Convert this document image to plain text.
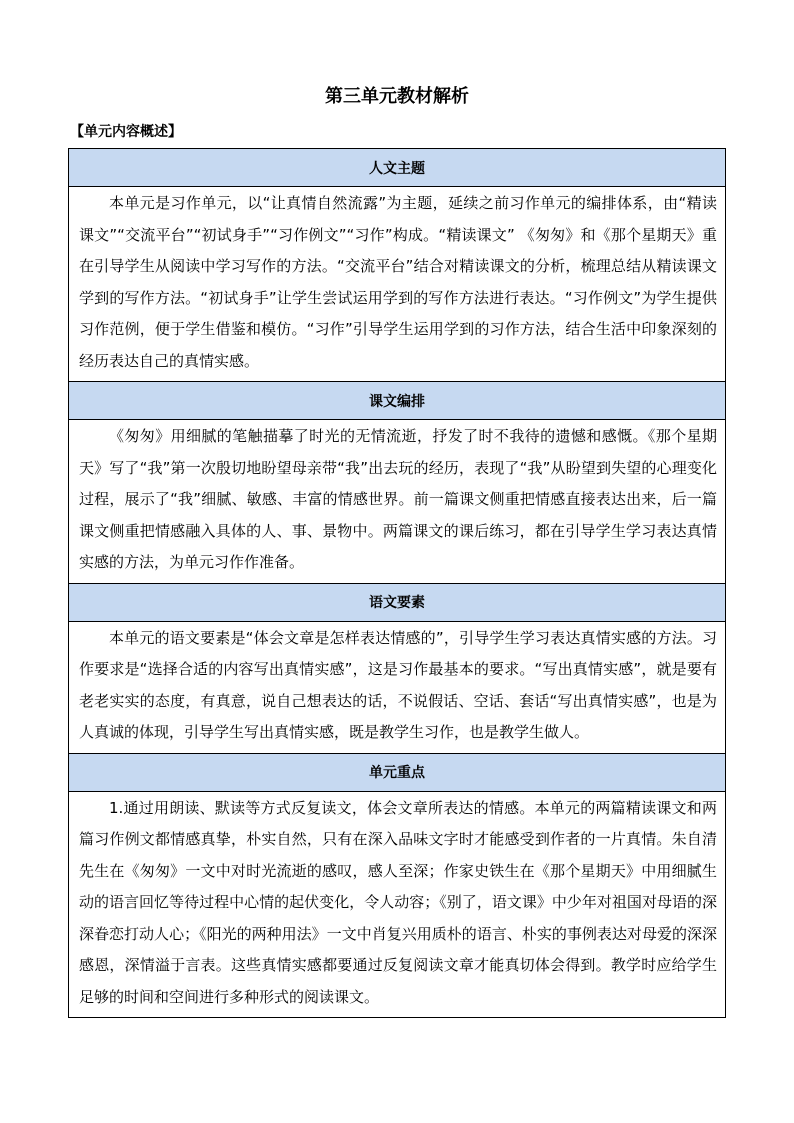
第三单元教材解析
【单元内容概述】
人文主题

本单元是习作单元，以“让真情自然流露”为主题，延续之前习作单元的编排体系，由“精读课文”“交流平台”“初试身手”“习作例文”“习作”构成。“精读课文” 《匆匆》和《那个星期天》重在引导学生从阅读中学习写作的方法。“交流平台”结合对精读课文的分析，梳理总结从精读课文学到的写作方法。“初试身手”让学生尝试运用学到的写作方法进行表达。“习作例文”为学生提供习作范例，便于学生借鉴和模仿。“习作”引导学生运用学到的习作方法，结合生活中印象深刻的经历表达自己的真情实感。

课文编排

《匆匆》用细腻的笔触描摹了时光的无情流逝，抒发了时不我待的遗憾和感慨。《那个星期天》写了“我”第一次殷切地盼望母亲带“我”出去玩的经历，表现了“我”从盼望到失望的心理变化过程，展示了“我”细腻、敏感、丰富的情感世界。前一篇课文侧重把情感直接表达出来，后一篇课文侧重把情感融入具体的人、事、景物中。两篇课文的课后练习，都在引导学生学习表达真情实感的方法，为单元习作作准备。

语文要素

本单元的语文要素是“体会文章是怎样表达情感的”，引导学生学习表达真情实感的方法。习作要求是“选择合适的内容写出真情实感”，这是习作最基本的要求。“写出真情实感”，就是要有老老实实的态度，有真意，说自己想表达的话，不说假话、空话、套话“写出真情实感”，也是为人真诚的体现，引导学生写出真情实感，既是教学生习作，也是教学生做人。

单元重点

1.通过用朗读、默读等方式反复读文，体会文章所表达的情感。本单元的两篇精读课文和两篇习作例文都情感真挚，朴实自然，只有在深入品味文字时才能感受到作者的一片真情。朱自清先生在《匆匆》一文中对时光流逝的感叹，感人至深；作家史铁生在《那个星期天》中用细腻生动的语言回忆等待过程中心情的起伏变化，令人动容；《别了，语文课》中少年对祖国对母语的深深眷恋打动人心；《阳光的两种用法》一文中肖复兴用质朴的语言、朴实的事例表达对母爱的深深感恩，深情溢于言表。这些真情实感都要通过反复阅读文章才能真切体会得到。教学时应给学生足够的时间和空间进行多种形式的阅读课文。
